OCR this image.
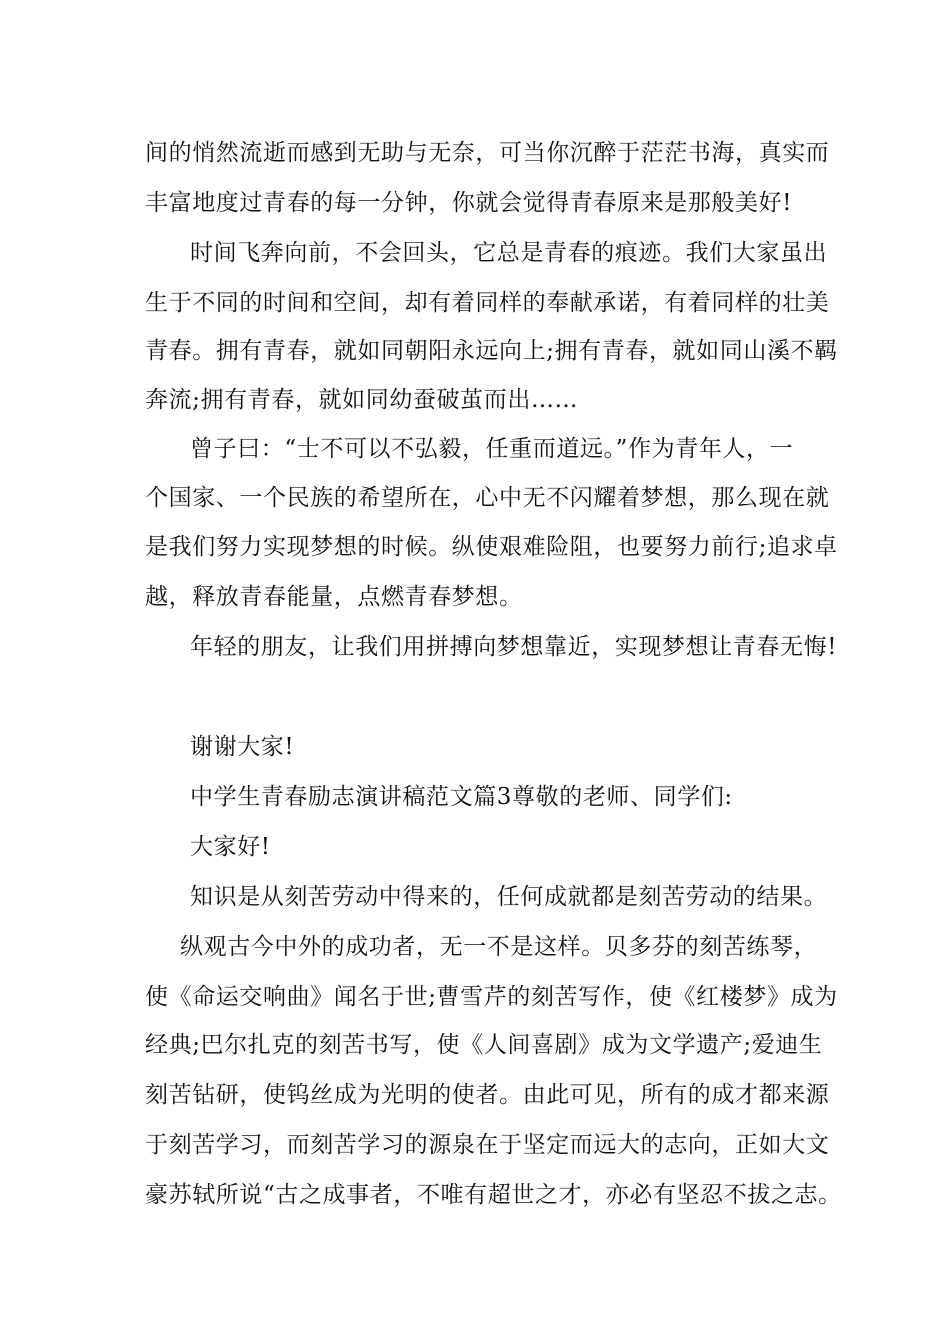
间的悄然流逝而感到无助与无奈，可当你沉醉于茫茫书海，真实而
丰富地度过青春的每一分钟，你就会觉得青春原来是那般美好!
时间飞奔向前，不会回头，它总是青春的痕迹。我们大家虽出
生于不同的时间和空间，却有着同样的奉献承诺，有着同样的壮美
青春。拥有青春，就如同朝阳永远向上;拥有青春，就如同山溪不羁
奔流;拥有青春，就如同幼蚕破茧而出……
曾子曰：“士不可以不弘毅，任重而道远。”作为青年人，一
个国家、一个民族的希望所在，心中无不闪耀着梦想，那么现在就
是我们努力实现梦想的时候。纵使艰难险阻，也要努力前行;追求卓
越，释放青春能量，点燃青春梦想。
年轻的朋友，让我们用拼搏向梦想靠近，实现梦想让青春无悔!
谢谢大家!
中学生青春励志演讲稿范文篇3尊敬的老师、同学们:
大家好!
知识是从刻苦劳动中得来的，任何成就都是刻苦劳动的结果。
纵观古今中外的成功者，无一不是这样。贝多芬的刻苦练琴，
使《命运交响曲》闻名于世;曹雪芹的刻苦写作，使《红楼梦》成为
经典;巴尔扎克的刻苦书写，使《人间喜剧》成为文学遗产;爱迪生
刻苦钻研，使钨丝成为光明的使者。由此可见，所有的成才都来源
于刻苦学习，而刻苦学习的源泉在于坚定而远大的志向，正如大文
豪苏轼所说“古之成事者，不唯有超世之才，亦必有坚忍不拔之志。
